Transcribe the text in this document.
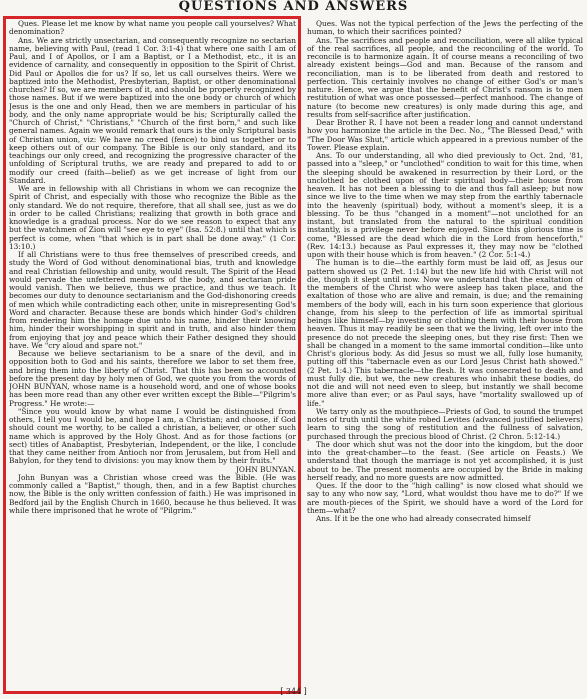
QUESTIONS AND ANSWERS

Ques. Please let me know by what name you people call yourselves? What denomination?

Ans. We are strictly unsectarian, and consequently recognize no sectarian name, believing with Paul, (read 1 Cor. 3:1-4) that where one saith I am of Paul, and I of Apollos, or I am a Baptist, or I a Methodist, etc., it is an evidence of carnality, and consequently in opposition to the Spirit of Christ. Did Paul or Apollos die for us? If so, let us call ourselves theirs. Were we baptized into the Methodist, Presbyterian, Baptist, or other denominational churches? If so, we are members of it, and should be properly recognized by those names. But if we were baptized into the one body or church of which Jesus is the one and only Head, then we are members in particular of his body, and the only name appropriate would be his; Scripturally called the "Church of Christ," "Christians," "Church of the first born," and such like general names. Again we would remark that ours is the only Scriptural basis of Christian union, viz: We have no creed (fence) to bind us together or to keep others out of our company. The Bible is our only standard, and its teachings our only creed, and recognizing the progressive character of the unfolding of Scriptural truths, we are ready and prepared to add to or modify our creed (faith—belief) as we get increase of light from our Standard.

We are in fellowship with all Christians in whom we can recognize the Spirit of Christ, and especially with those who recognize the Bible as the only standard. We do not require, therefore, that all shall see, just as we do in order to be called Christians; realizing that growth in both grace and knowledge is a gradual process. Nor do we see reason to expect that any but the watchmen of Zion will "see eye to eye" (Isa. 52:8.) until that which is perfect is come, when "that which is in part shall be done away." (1 Cor. 13:10.)

If all Christians were to thus free themselves of prescribed creeds, and study the Word of God without denominational bias, truth and knowledge and real Christian fellowship and unity, would result. The Spirit of the Head would pervade the unfettered members of the body, and sectarian pride would vanish. Then we believe, thus we practice, and thus we teach. It becomes our duty to denounce sectarianism and the God-dishonoring creeds of men which while contradicting each other, unite in misrepresenting God's Word and character. Because these are bonds which hinder God's children from rendering him the homage due unto his name, hinder their knowing him, hinder their worshipping in spirit and in truth, and also hinder them from enjoying that joy and peace which their Father designed they should have. We "cry aloud and spare not."

Because we believe sectarianism to be a snare of the devil, and in opposition both to God and his saints, therefore we labor to set them free, and bring them into the liberty of Christ. That this has been so accounted before the present day by holy men of God, we quote you from the words of JOHN BUNYAN, whose name is a household word, and one of whose books has been more read than any other ever written except the Bible—"Pilgrim's Progress." He wrote:—

"Since you would know by what name I would be distinguished from others, I tell you I would be, and hope I am, a Christian; and choose, if God should count me worthy, to be called a christian, a believer, or other such name which is approved by the Holy Ghost. And as for those factions (or sect) titles of Anabaptist, Presbyterian, Independent, or the like, I conclude that they came neither from Antioch nor from Jerusalem, but from Hell and Babylon, for they tend to divisions: you may know them by their fruits."

JOHN BUNYAN.

John Bunyan was a Christian whose creed was the Bible. (He was commonly called a "Baptist," though, then, and in a few Baptist churches now, the Bible is the only written confession of faith.) He was imprisoned in Bedford jail by the English Church in 1660, because he thus believed. It was while there imprisoned that he wrote of "Pilgrim."

Ques. Was not the typical perfection of the Jews the perfecting of the human, to which their sacrifices pointed?

Ans. The sacrifices and people and reconciliation, were all alike typical of the real sacrifices, all people, and the reconciling of the world. To reconcile is to harmonize again. It of course means a reconciling of two already existent beings—God and man. Because of the ransom and reconciliation, man is to be liberated from death and restored to perfection. This certainly involves no change of either God's or man's nature. Hence, we argue that the benefit of Christ's ransom is to men restitution of what was once possessed—perfect manhood. The change of nature (to become new creatures) is only made during this age, and results from self-sacrifice after justification.

Dear Brother R. I have not been a reader long and cannot understand how you harmonize the article in the Dec. No., "The Blessed Dead," with "The Door Was Shut," article which appeared in a previous number of the Tower. Please explain.

Ans. To our understanding, all who died previously to Oct. 2nd, '81, passed into a "sleep," or "unclothed" condition to wait for this time, when the sleeping should be awakened in resurrection by their Lord, or the unclothed be clothed upon of their spiritual body—their house from heaven. It has not been a blessing to die and thus fall asleep; but now since we live to the time when we may step from the earthly tabernacle into the heavenly (spiritual) body, without a moment's sleep, it is a blessing. To be thus "changed in a moment"—not unclothed for an instant, but translated from the natural to the spiritual condition instantly, is a privilege never before enjoyed. Since this glorious time is come, "Blessed are the dead which die in the Lord from henceforth," (Rev. 14:13.) because as Paul expresses it, they may now be "clothed upon with their house which is from heaven." (2 Cor. 5:1-4.)

The human is to die—the earthly form must be laid off, as Jesus our pattern showed us (2 Pet. 1:14) but the new life hid with Christ will not die, though it slept until now. Now we understand that the exaltation of the members of the Christ who were asleep has taken place, and the exaltation of those who are alive and remain, is due; and the remaining members of the body will, each in his turn soon experience that glorious change, from his sleep to the perfection of life as immortal spiritual beings like himself—by investing or clothing them with their house from heaven. Thus it may readily be seen that we the living, left over into the presence do not precede the sleeping ones, but they rise first: Then we shall be changed in a moment to the same immortal condition—like unto Christ's glorious body. As did Jesus so must we all, fully lose humanity, putting off this "tabernacle even as our Lord Jesus Christ hath showed." (2 Pet. 1:4.) This tabernacle—the flesh. It was consecrated to death and must fully die, but we, the new creatures who inhabit these bodies, do not die and will not need even to sleep, but instantly we shall become more alive than ever; or as Paul says, have "mortality swallowed up of life."

We tarry only as the mouthpiece—Priests of God, to sound the trumpet notes of truth until the white robed Levites (advanced justified believers) learn to sing the song of restitution and the fullness of salvation, purchased through the precious blood of Christ. (2 Chron. 5:12-14.)

The door which shut was not the door into the kingdom, but the door into the great-chamber—to the feast. (See article on Feasts.) We understand that though the marriage is not yet accomplished, it is just about to be. The present moments are occupied by the Bride in making herself ready, and no more guests are now admitted.

Ques. If the door to the "high calling" is now closed what should we say to any who now say, "Lord, what wouldst thou have me to do?" If we are mouth-pieces of the Spirit, we should have a word of the Lord for them—what?

Ans. If it be the one who had already consecrated himself

[ 344 ]
